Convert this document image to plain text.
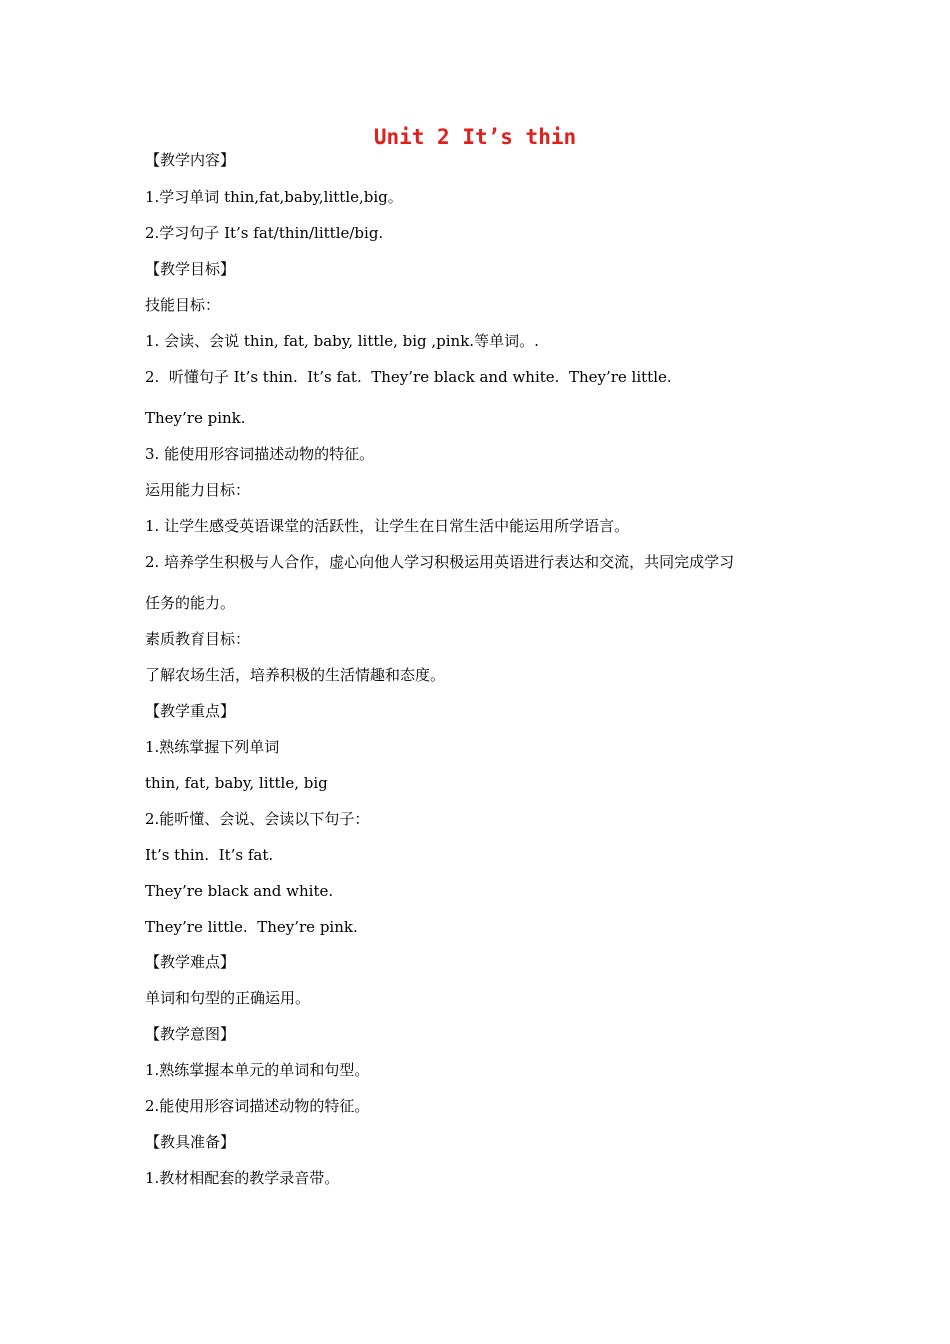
Unit 2 It’s thin
【教学内容】
1.学习单词 thin,fat,baby,little,big。
2.学习句子 It’s fat/thin/little/big.
【教学目标】
技能目标：
1. 会读、会说 thin, fat, baby, little, big ,pink.等单词。.
2.  听懂句子 It’s thin.  It’s fat.  They’re black and white.  They’re little.
They’re pink.
3. 能使用形容词描述动物的特征。
运用能力目标：
1. 让学生感受英语课堂的活跃性，让学生在日常生活中能运用所学语言。
2. 培养学生积极与人合作，虚心向他人学习积极运用英语进行表达和交流，共同完成学习
任务的能力。
素质教育目标：
了解农场生活，培养积极的生活情趣和态度。
【教学重点】
1.熟练掌握下列单词
thin, fat, baby, little, big
2.能听懂、会说、会读以下句子：
It’s thin.  It’s fat.
They’re black and white.
They’re little.  They’re pink.
【教学难点】
单词和句型的正确运用。
【教学意图】
1.熟练掌握本单元的单词和句型。
2.能使用形容词描述动物的特征。
【教具准备】
1.教材相配套的教学录音带。
